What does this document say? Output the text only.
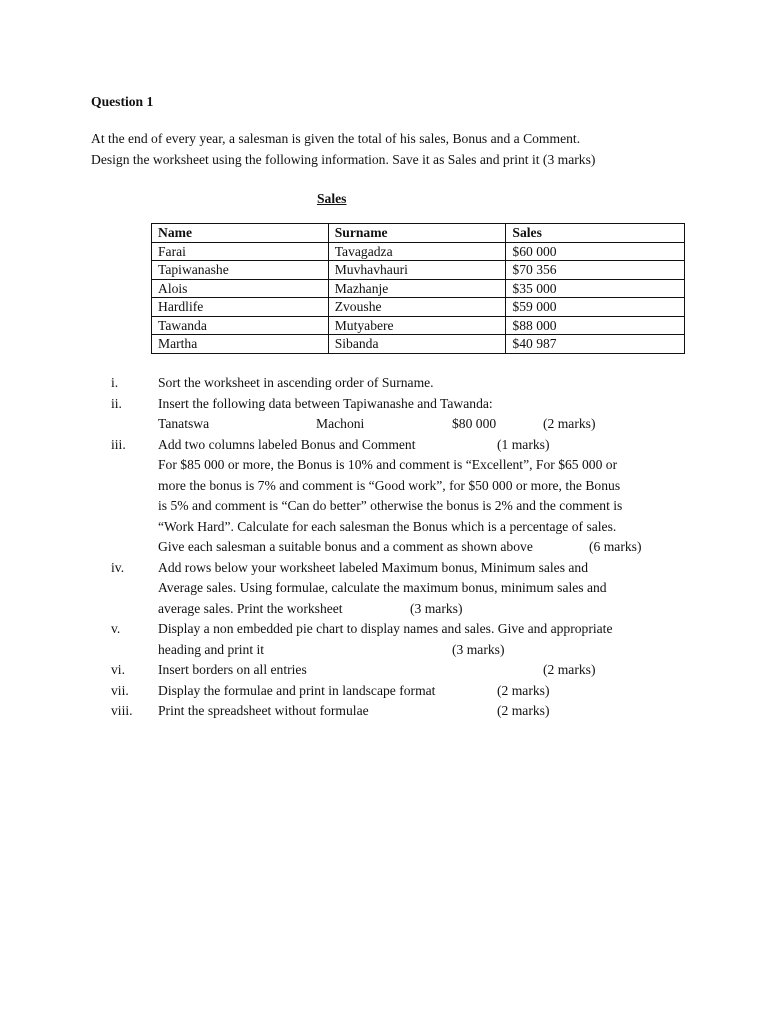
Question 1
At the end of every year, a salesman is given the total of his sales, Bonus and a Comment.
Design the worksheet using the following information. Save it as Sales and print it (3 marks)
Sales
Name	Surname	Sales
Farai	Tavagadza	$60 000
Tapiwanashe	Muvhavhauri	$70 356
Alois	Mazhanje	$35 000
Hardlife	Zvoushe	$59 000
Tawanda	Mutyabere	$88 000
Martha	Sibanda	$40 987
i.	Sort the worksheet in ascending order of Surname.
ii.	Insert the following data between Tapiwanashe and Tawanda:
Tanatswa	Machoni	$80 000	(2 marks)
iii. Add two columns labeled Bonus and Comment	(1 marks)
For $85 000 or more, the Bonus is 10% and comment is “Excellent”, For $65 000 or
more the bonus is 7% and comment is “Good work”, for $50 000 or more, the Bonus
is 5% and comment is “Can do better” otherwise the bonus is 2% and the comment is
“Work Hard”. Calculate for each salesman the Bonus which is a percentage of sales.
Give each salesman a suitable bonus and a comment as shown above	(6 marks)
iv. Add rows below your worksheet labeled Maximum bonus, Minimum sales and
Average sales. Using formulae, calculate the maximum bonus, minimum sales and
average sales. Print the worksheet	(3 marks)
v.	Display a non embedded pie chart to display names and sales. Give and appropriate
heading and print it	(3 marks)
vi. Insert borders on all entries	(2 marks)
vii. Display the formulae and print in landscape format	(2 marks)
viii. Print the spreadsheet without formulae	(2 marks)
